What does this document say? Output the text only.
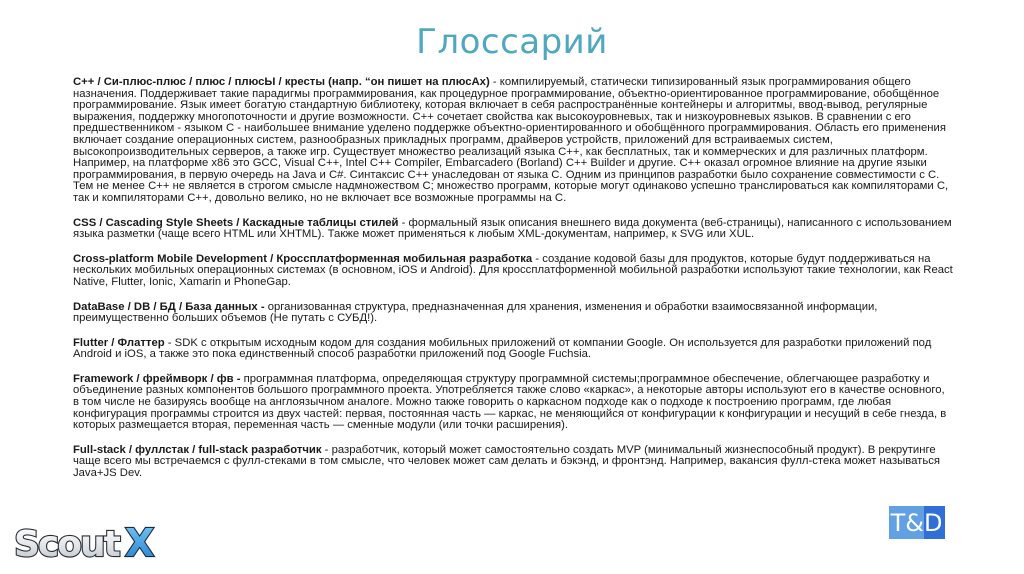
Глоссарий

C++ / Си-плюс-плюс / плюс / плюсЫ / кресты (напр. “он пишет на плюсАх) - компилируемый, статически типизированный язык программирования общего назначения. Поддерживает такие парадигмы программирования, как процедурное программирование, объектно-ориентированное программирование, обобщённое программирование. Язык имеет богатую стандартную библиотеку, которая включает в себя распространённые контейнеры и алгоритмы, ввод-вывод, регулярные выражения, поддержку многопоточности и другие возможности. C++ сочетает свойства как высокоуровневых, так и низкоуровневых языков. В сравнении с его предшественником - языком C - наибольшее внимание уделено поддержке объектно-ориентированного и обобщённого программирования. Область его применения включает создание операционных систем, разнообразных прикладных программ, драйверов устройств, приложений для встраиваемых систем, высокопроизводительных серверов, а также игр. Существует множество реализаций языка C++, как бесплатных, так и коммерческих и для различных платформ. Например, на платформе x86 это GCC, Visual C++, Intel C++ Compiler, Embarcadero (Borland) C++ Builder и другие. C++ оказал огромное влияние на другие языки программирования, в первую очередь на Java и C#. Синтаксис C++ унаследован от языка C. Одним из принципов разработки было сохранение совместимости с C. Тем не менее C++ не является в строгом смысле надмножеством C; множество программ, которые могут одинаково успешно транслироваться как компиляторами C, так и компиляторами C++, довольно велико, но не включает все возможные программы на C.

CSS / Cascading Style Sheets / Каскадные таблицы стилей - формальный язык описания внешнего вида документа (веб-страницы), написанного с использованием языка разметки (чаще всего HTML или XHTML). Также может применяться к любым XML-документам, например, к SVG или XUL.

Cross-platform Mobile Development / Кроссплатформенная мобильная разработка - создание кодовой базы для продуктов, которые будут поддерживаться на нескольких мобильных операционных системах (в основном, iOS и Android). Для кроссплатформенной мобильной разработки используют такие технологии, как React Native, Flutter, Ionic, Xamarin и PhoneGap.

DataBase / DB / БД / База данных - организованная структура, предназначенная для хранения, изменения и обработки взаимосвязанной информации, преимущественно больших объемов (Не путать с СУБД!).

Flutter / Флаттер - SDK с открытым исходным кодом для создания мобильных приложений от компании Google. Он используется для разработки приложений под Android и iOS, а также это пока единственный способ разработки приложений под Google Fuchsia.

Framework / фреймворк / фв - программная платформа, определяющая структуру программной системы;программное обеспечение, облегчающее разработку и объединение разных компонентов большого программного проекта. Употребляется также слово «каркас», а некоторые авторы используют его в качестве основного, в том числе не базируясь вообще на англоязычном аналоге. Можно также говорить о каркасном подходе как о подходе к построению программ, где любая конфигурация программы строится из двух частей: первая, постоянная часть — каркас, не меняющийся от конфигурации к конфигурации и несущий в себе гнезда, в которых размещается вторая, переменная часть — сменные модули (или точки расширения).

Full-stack / фуллстак / full-stack разработчик - разработчик, который может самостоятельно создать MVP (минимальный жизнеспособный продукт). В рекрутинге чаще всего мы встречаемся с фулл-стеками в том смысле, что человек может сам делать и бэкэнд, и фронтэнд. Например, вакансия фулл-стека может называться Java+JS Dev.

Scout X	T& D
